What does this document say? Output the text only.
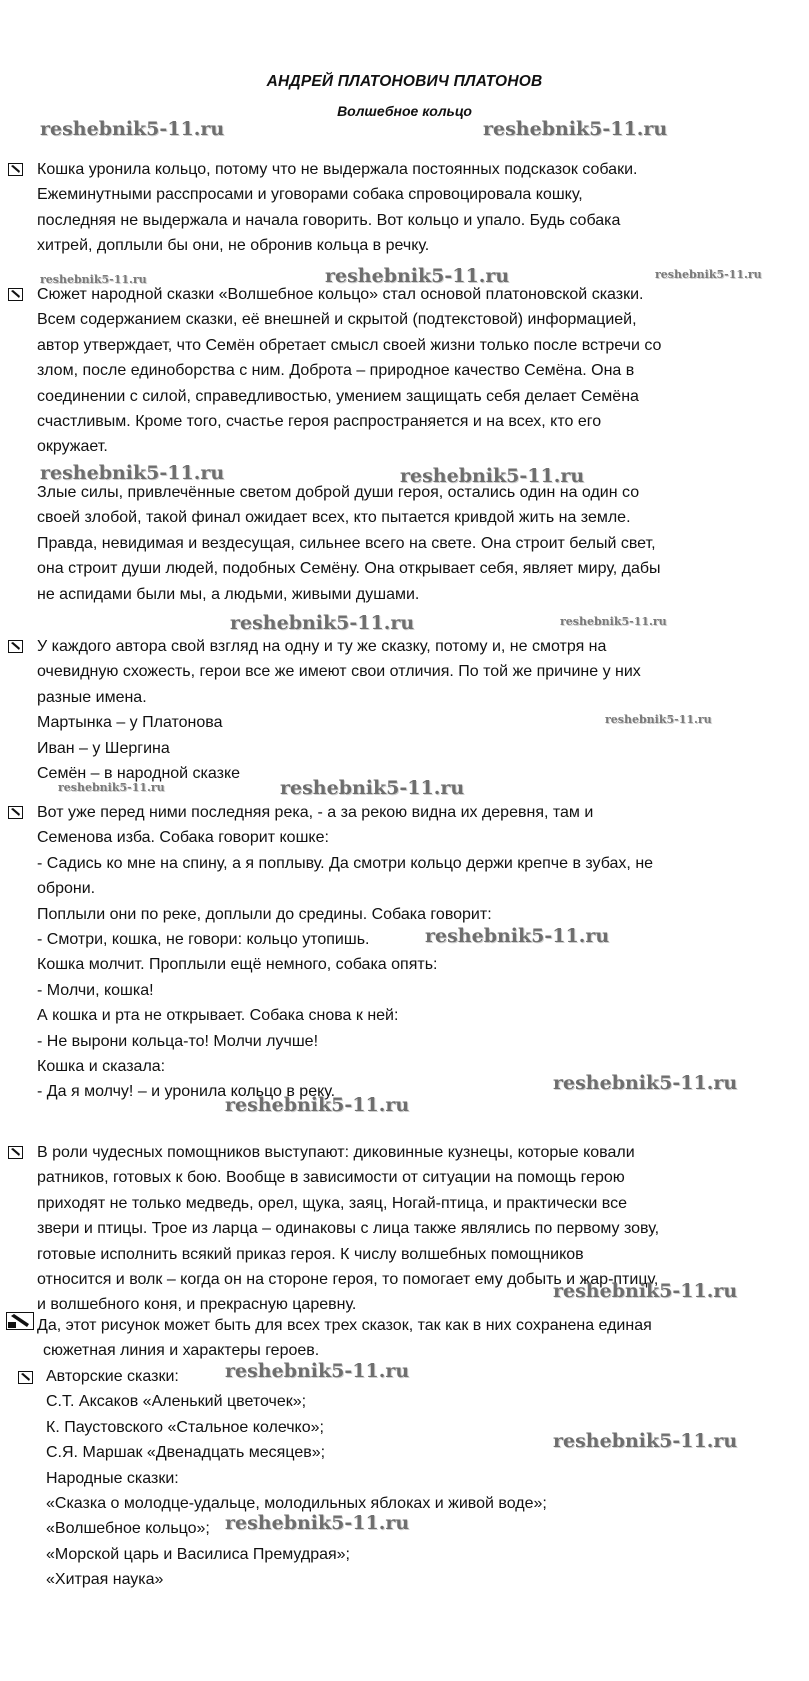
АНДРЕЙ ПЛАТОНОВИЧ ПЛАТОНОВ
Волшебное кольцо

Кошка уронила кольцо, потому что не выдержала постоянных подсказок собаки.

Ежеминутными расспросами и уговорами собака спровоцировала кошку,

последняя не выдержала и начала говорить. Вот кольцо и упало. Будь собака

хитрей, доплыли бы они, не обронив кольца в речку.

Сюжет народной сказки «Волшебное кольцо» стал основой платоновской сказки.

Всем содержанием сказки, её внешней и скрытой (подтекстовой) информацией,

автор утверждает, что Семён обретает смысл своей жизни только после встречи со

злом, после единоборства с ним. Доброта – природное качество Семёна. Она в

соединении с силой, справедливостью, умением защищать себя делает Семёна

счастливым. Кроме того, счастье героя распространяется и на всех, кто его

окружает.

Злые силы, привлечённые светом доброй души героя, остались один на один со

своей злобой, такой финал ожидает всех, кто пытается кривдой жить на земле.

Правда, невидимая и вездесущая, сильнее всего на свете. Она строит белый свет,

она строит души людей, подобных Семёну. Она открывает себя, являет миру, дабы

не аспидами были мы, а людьми, живыми душами.

У каждого автора свой взгляд на одну и ту же сказку, потому и, не смотря на

очевидную схожесть, герои все же имеют свои отличия. По той же причине у них

разные имена.

Мартынка – у Платонова

Иван – у Шергина

Семён – в народной сказке

Вот уже перед ними последняя река, - а за рекою видна их деревня, там и

Семенова изба. Собака говорит кошке:

- Садись ко мне на спину, а я поплыву. Да смотри кольцо держи крепче в зубах, не

оброни.

Поплыли они по реке, доплыли до средины. Собака говорит:

- Смотри, кошка, не говори: кольцо утопишь.

Кошка молчит. Проплыли ещё немного, собака опять:

- Молчи, кошка!

А кошка и рта не открывает. Собака снова к ней:

- Не вырони кольца-то! Молчи лучше!

Кошка и сказала:

- Да я молчу! – и уронила кольцо в реку.

В роли чудесных помощников выступают: диковинные кузнецы, которые ковали

ратников, готовых к бою. Вообще в зависимости от ситуации на помощь герою

приходят не только медведь, орел, щука, заяц, Ногай-птица, и практически все

звери и птицы. Трое из ларца – одинаковы с лица также являлись по первому зову,

готовые исполнить всякий приказ героя. К числу волшебных помощников

относится и волк – когда он на стороне героя, то помогает ему добыть и жар-птицу,

и волшебного коня, и прекрасную царевну.

Да, этот рисунок может быть для всех трех сказок, так как в них сохранена единая

сюжетная линия и характеры героев.

Авторские сказки:

С.Т. Аксаков «Аленький цветочек»;

К. Паустовского «Стальное колечко»;

С.Я. Маршак «Двенадцать месяцев»;

Народные сказки:

«Сказка о молодце-удальце, молодильных яблоках и живой воде»;

«Волшебное кольцо»;

«Морской царь и Василиса Премудрая»;

«Хитрая наука»

reshebnik5-11.ru	reshebnik5-11.ru
reshebnik5-11.ru	reshebnik5-11.ru	reshebnik5-11.ru
reshebnik5-11.ru	reshebnik5-11.ru
reshebnik5-11.ru	reshebnik5-11.ru
reshebnik5-11.ru
reshebnik5-11.ru	reshebnik5-11.ru
reshebnik5-11.ru
reshebnik5-11.ru
reshebnik5-11.ru
reshebnik5-11.ru
reshebnik5-11.ru
reshebnik5-11.ru
reshebnik5-11.ru
